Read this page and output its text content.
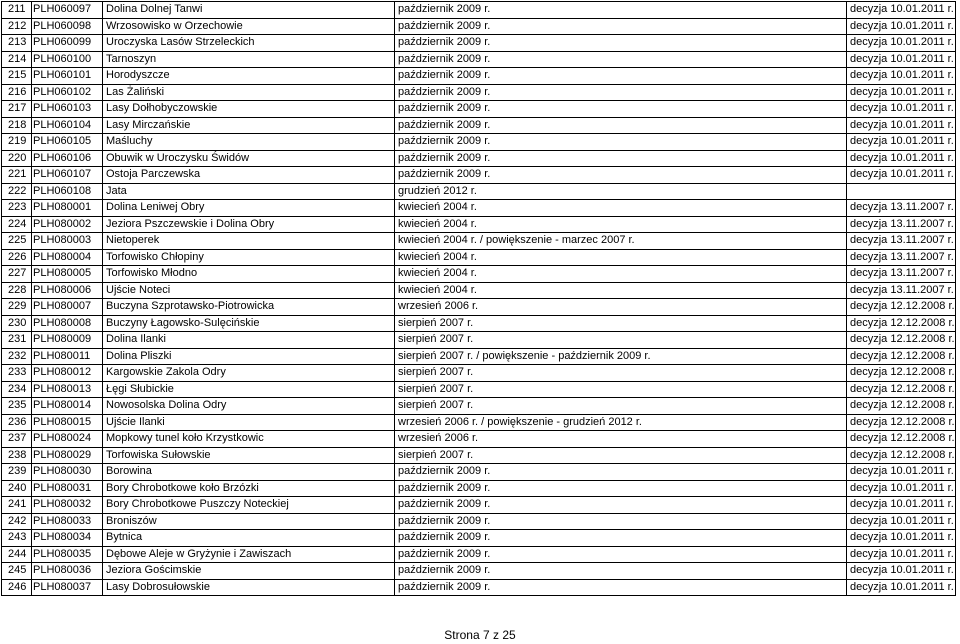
211	PLH060097	Dolina Dolnej Tanwi	październik 2009 r.	decyzja 10.01.2011 r.
212	PLH060098	Wrzosowisko w Orzechowie	październik 2009 r.	decyzja 10.01.2011 r.
213	PLH060099	Uroczyska Lasów Strzeleckich	październik 2009 r.	decyzja 10.01.2011 r.
214	PLH060100	Tarnoszyn	październik 2009 r.	decyzja 10.01.2011 r.
215	PLH060101	Horodyszcze	październik 2009 r.	decyzja 10.01.2011 r.
216	PLH060102	Las Żaliński	październik 2009 r.	decyzja 10.01.2011 r.
217	PLH060103	Lasy Dołhobyczowskie	październik 2009 r.	decyzja 10.01.2011 r.
218	PLH060104	Lasy Mirczańskie	październik 2009 r.	decyzja 10.01.2011 r.
219	PLH060105	Maśluchy	październik 2009 r.	decyzja 10.01.2011 r.
220	PLH060106	Obuwik w Uroczysku Świdów	październik 2009 r.	decyzja 10.01.2011 r.
221	PLH060107	Ostoja Parczewska	październik 2009 r.	decyzja 10.01.2011 r.
222	PLH060108	Jata	grudzień 2012 r.	
223	PLH080001	Dolina Leniwej Obry	kwiecień 2004 r.	decyzja 13.11.2007 r.
224	PLH080002	Jeziora Pszczewskie i Dolina Obry	kwiecień 2004 r.	decyzja 13.11.2007 r.
225	PLH080003	Nietoperek	kwiecień 2004 r. / powiększenie - marzec 2007 r.	decyzja 13.11.2007 r.
226	PLH080004	Torfowisko Chłopiny	kwiecień 2004 r.	decyzja 13.11.2007 r.
227	PLH080005	Torfowisko Młodno	kwiecień 2004 r.	decyzja 13.11.2007 r.
228	PLH080006	Ujście Noteci	kwiecień 2004 r.	decyzja 13.11.2007 r.
229	PLH080007	Buczyna Szprotawsko-Piotrowicka	wrzesień 2006 r.	decyzja 12.12.2008 r.
230	PLH080008	Buczyny Łagowsko-Sulęcińskie	sierpień 2007 r.	decyzja 12.12.2008 r.
231	PLH080009	Dolina Ilanki	sierpień 2007 r.	decyzja 12.12.2008 r.
232	PLH080011	Dolina Pliszki	sierpień 2007 r. / powiększenie - październik 2009 r.	decyzja 12.12.2008 r.
233	PLH080012	Kargowskie Zakola Odry	sierpień 2007 r.	decyzja 12.12.2008 r.
234	PLH080013	Łęgi Słubickie	sierpień 2007 r.	decyzja 12.12.2008 r.
235	PLH080014	Nowosolska Dolina Odry	sierpień 2007 r.	decyzja 12.12.2008 r.
236	PLH080015	Ujście Ilanki	wrzesień 2006 r. / powiększenie - grudzień 2012 r.	decyzja 12.12.2008 r.
237	PLH080024	Mopkowy tunel koło Krzystkowic	wrzesień 2006 r.	decyzja 12.12.2008 r.
238	PLH080029	Torfowiska Sułowskie	sierpień 2007 r.	decyzja 12.12.2008 r.
239	PLH080030	Borowina	październik 2009 r.	decyzja 10.01.2011 r.
240	PLH080031	Bory Chrobotkowe koło Brzózki	październik 2009 r.	decyzja 10.01.2011 r.
241	PLH080032	Bory Chrobotkowe Puszczy Noteckiej	październik 2009 r.	decyzja 10.01.2011 r.
242	PLH080033	Broniszów	październik 2009 r.	decyzja 10.01.2011 r.
243	PLH080034	Bytnica	październik 2009 r.	decyzja 10.01.2011 r.
244	PLH080035	Dębowe Aleje w Gryżynie i Zawiszach	październik 2009 r.	decyzja 10.01.2011 r.
245	PLH080036	Jeziora Gościmskie	październik 2009 r.	decyzja 10.01.2011 r.
246	PLH080037	Lasy Dobrosułowskie	październik 2009 r.	decyzja 10.01.2011 r.
Strona 7 z 25
